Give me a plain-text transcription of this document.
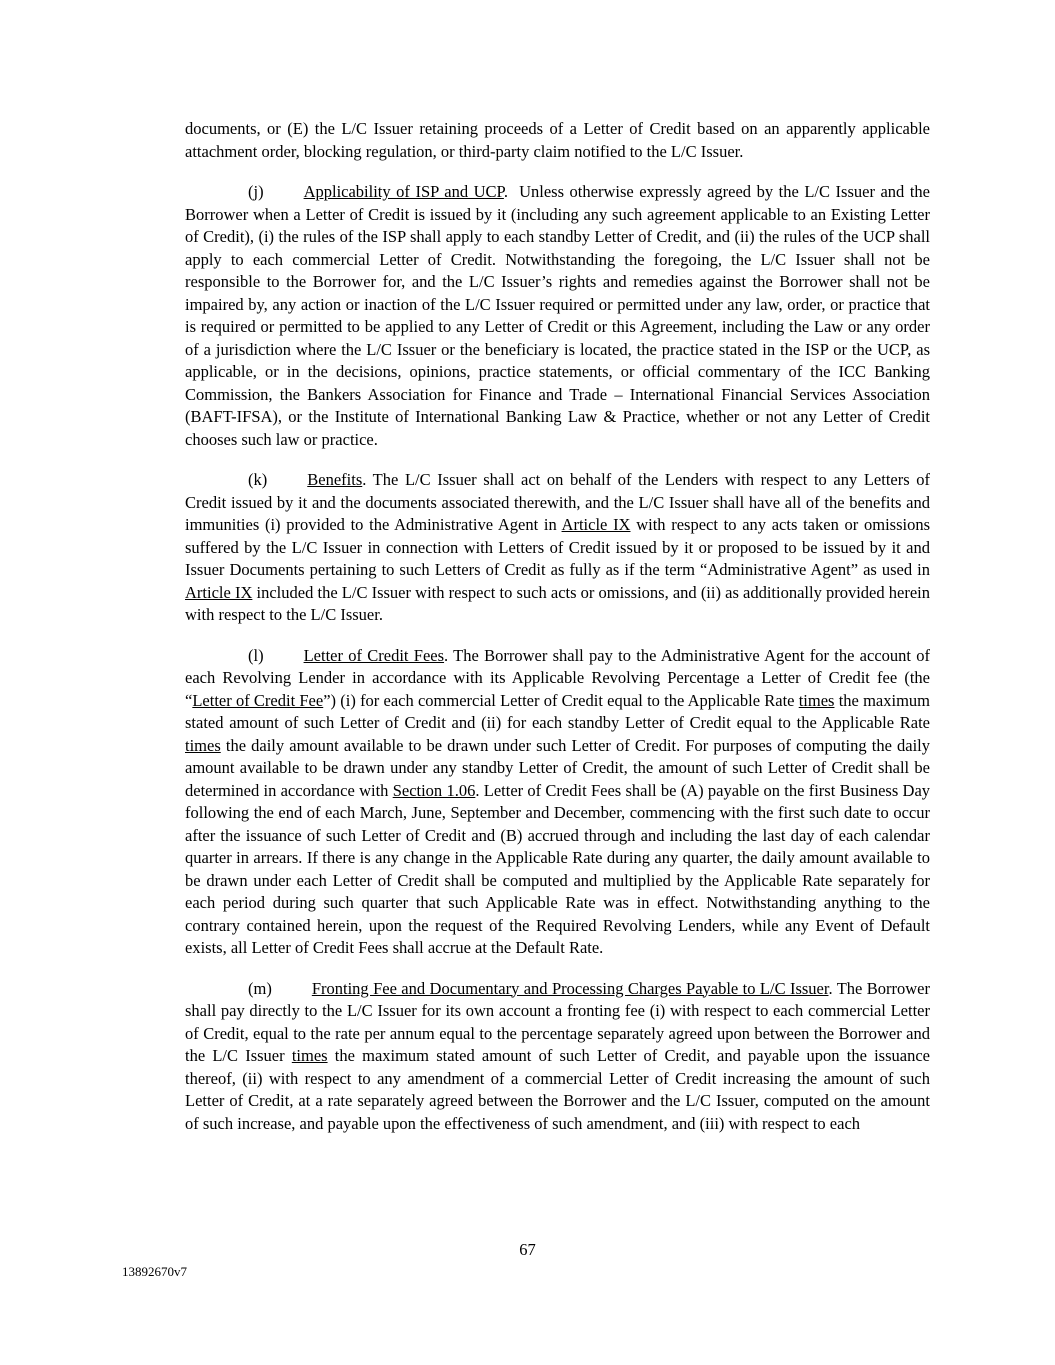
documents, or (E) the L/C Issuer retaining proceeds of a Letter of Credit based on an apparently applicable attachment order, blocking regulation, or third-party claim notified to the L/C Issuer.

(j) Applicability of ISP and UCP.  Unless otherwise expressly agreed by the L/C Issuer and the Borrower when a Letter of Credit is issued by it (including any such agreement applicable to an Existing Letter of Credit), (i) the rules of the ISP shall apply to each standby Letter of Credit, and (ii) the rules of the UCP shall apply to each commercial Letter of Credit. Notwithstanding the foregoing, the L/C Issuer shall not be responsible to the Borrower for, and the L/C Issuer’s rights and remedies against the Borrower shall not be impaired by, any action or inaction of the L/C Issuer required or permitted under any law, order, or practice that is required or permitted to be applied to any Letter of Credit or this Agreement, including the Law or any order of a jurisdiction where the L/C Issuer or the beneficiary is located, the practice stated in the ISP or the UCP, as applicable, or in the decisions, opinions, practice statements, or official commentary of the ICC Banking Commission, the Bankers Association for Finance and Trade – International Financial Services Association (BAFT-IFSA), or the Institute of International Banking Law & Practice, whether or not any Letter of Credit chooses such law or practice.

(k) Benefits. The L/C Issuer shall act on behalf of the Lenders with respect to any Letters of Credit issued by it and the documents associated therewith, and the L/C Issuer shall have all of the benefits and immunities (i) provided to the Administrative Agent in Article IX with respect to any acts taken or omissions suffered by the L/C Issuer in connection with Letters of Credit issued by it or proposed to be issued by it and Issuer Documents pertaining to such Letters of Credit as fully as if the term “Administrative Agent” as used in Article IX included the L/C Issuer with respect to such acts or omissions, and (ii) as additionally provided herein with respect to the L/C Issuer.

(l) Letter of Credit Fees. The Borrower shall pay to the Administrative Agent for the account of each Revolving Lender in accordance with its Applicable Revolving Percentage a Letter of Credit fee (the “Letter of Credit Fee”) (i) for each commercial Letter of Credit equal to the Applicable Rate times the maximum stated amount of such Letter of Credit and (ii) for each standby Letter of Credit equal to the Applicable Rate times the daily amount available to be drawn under such Letter of Credit. For purposes of computing the daily amount available to be drawn under any standby Letter of Credit, the amount of such Letter of Credit shall be determined in accordance with Section 1.06. Letter of Credit Fees shall be (A) payable on the first Business Day following the end of each March, June, September and December, commencing with the first such date to occur after the issuance of such Letter of Credit and (B) accrued through and including the last day of each calendar quarter in arrears. If there is any change in the Applicable Rate during any quarter, the daily amount available to be drawn under each Letter of Credit shall be computed and multiplied by the Applicable Rate separately for each period during such quarter that such Applicable Rate was in effect. Notwithstanding anything to the contrary contained herein, upon the request of the Required Revolving Lenders, while any Event of Default exists, all Letter of Credit Fees shall accrue at the Default Rate.

(m) Fronting Fee and Documentary and Processing Charges Payable to L/C Issuer. The Borrower shall pay directly to the L/C Issuer for its own account a fronting fee (i) with respect to each commercial Letter of Credit, equal to the rate per annum equal to the percentage separately agreed upon between the Borrower and the L/C Issuer times the maximum stated amount of such Letter of Credit, and payable upon the issuance thereof, (ii) with respect to any amendment of a commercial Letter of Credit increasing the amount of such Letter of Credit, at a rate separately agreed between the Borrower and the L/C Issuer, computed on the amount of such increase, and payable upon the effectiveness of such amendment, and (iii) with respect to each

67
13892670v7
